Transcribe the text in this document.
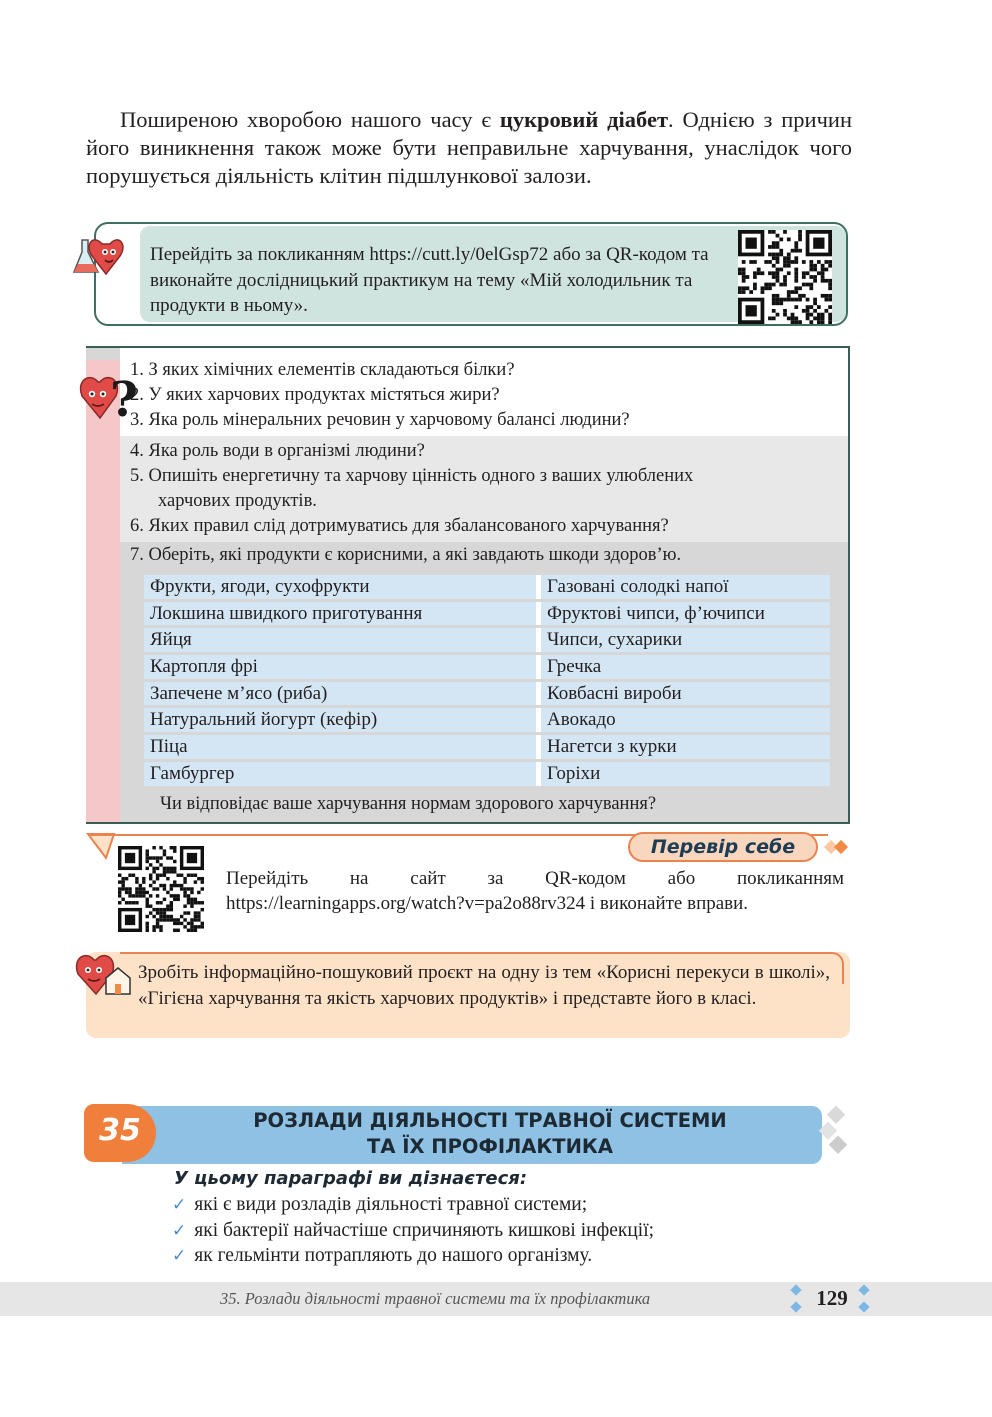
Поширеною хворобою нашого часу є цукровий діабет. Однією з причин його виникнення також може бути неправильне харчування, унаслідок чого порушується діяльність клітин підшлункової залози.
Перейдіть за покликанням https://cutt.ly/0elGsp72 або за QR-кодом та виконайте дослідницький практикум на тему «Мій холодильник та продукти в ньому».
?
1. З яких хімічних елементів складаються білки?
2. У яких харчових продуктах містяться жири?
3. Яка роль мінеральних речовин у харчовому балансі людини?
4. Яка роль води в організмі людини?
5. Опишіть енергетичну та харчову цінність одного з ваших улюблених
харчових продуктів.
6. Яких правил слід дотримуватись для збалансованого харчування?
7. Оберіть, які продукти є корисними, а які завдають шкоди здоров’ю.
Фрукти, ягоди, сухофрукти	Газовані солодкі напої
Локшина швидкого приготування	Фруктові чипси, ф’ючипси
Яйця	Чипси, сухарики
Картопля фрі	Гречка
Запечене м’ясо (риба)	Ковбасні вироби
Натуральний йогурт (кефір)	Авокадо
Піца	Нагетси з курки
Гамбургер	Горіхи
Чи відповідає ваше харчування нормам здорового харчування?
Перевір себе
Перейдіть на сайт за QR-кодом або покликанням https://learningapps.org/watch?v=pa2o88rv324 і виконайте вправи.
Зробіть інформаційно-пошуковий проєкт на одну із тем «Корисні перекуси в школі», «Гігієна харчування та якість харчових продуктів» і представте його в класі.
35	РОЗЛАДИ ДІЯЛЬНОСТІ ТРАВНОЇ СИСТЕМИ
ТА ЇХ ПРОФІЛАКТИКА
У цьому параграфі ви дізнаєтеся:
✓ які є види розладів діяльності травної системи;
✓ які бактерії найчастіше спричиняють кишкові інфекції;
✓ як гельмінти потрапляють до нашого організму.
35. Розлади діяльності травної системи та їх профілактика	129
